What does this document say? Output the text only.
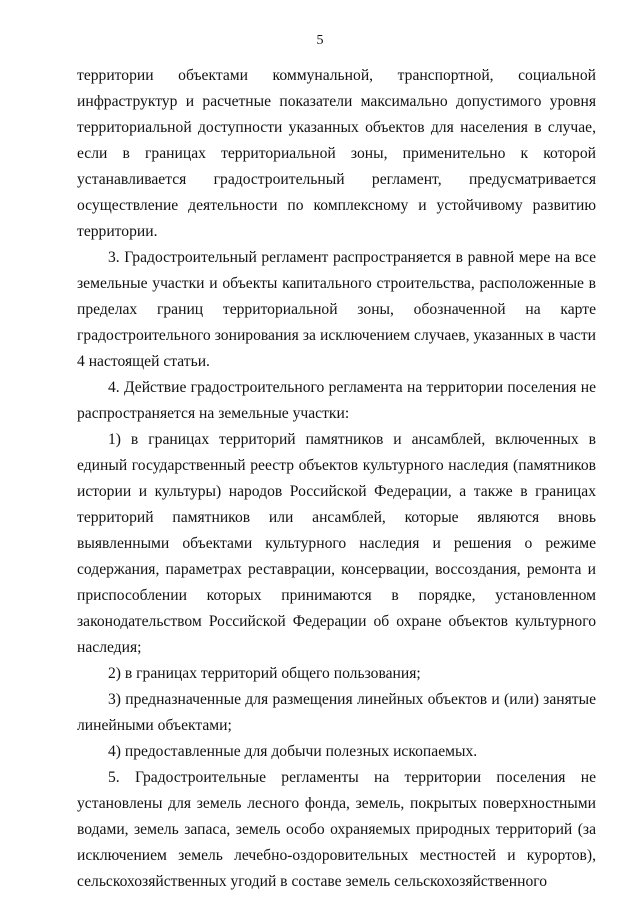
5

территории объектами коммунальной, транспортной, социальной инфраструктур и расчетные показатели максимально допустимого уровня территориальной доступности указанных объектов для населения в случае, если в границах территориальной зоны, применительно к которой устанавливается градостроительный регламент, предусматривается осуществление деятельности по комплексному и устойчивому развитию территории.

3. Градостроительный регламент распространяется в равной мере на все земельные участки и объекты капитального строительства, расположенные в пределах границ территориальной зоны, обозначенной на карте градостроительного зонирования за исключением случаев, указанных в части 4 настоящей статьи.

4. Действие градостроительного регламента на территории поселения не распространяется на земельные участки:

1) в границах территорий памятников и ансамблей, включенных в единый государственный реестр объектов культурного наследия (памятников истории и культуры) народов Российской Федерации, а также в границах территорий памятников или ансамблей, которые являются вновь выявленными объектами культурного наследия и решения о режиме содержания, параметрах реставрации, консервации, воссоздания, ремонта и приспособлении которых принимаются в порядке, установленном законодательством Российской Федерации об охране объектов культурного наследия;

2) в границах территорий общего пользования;

3) предназначенные для размещения линейных объектов и (или) занятые линейными объектами;

4) предоставленные для добычи полезных ископаемых.

5. Градостроительные регламенты на территории поселения не установлены для земель лесного фонда, земель, покрытых поверхностными водами, земель запаса, земель особо охраняемых природных территорий (за исключением земель лечебно-оздоровительных местностей и курортов), сельскохозяйственных угодий в составе земель сельскохозяйственного
